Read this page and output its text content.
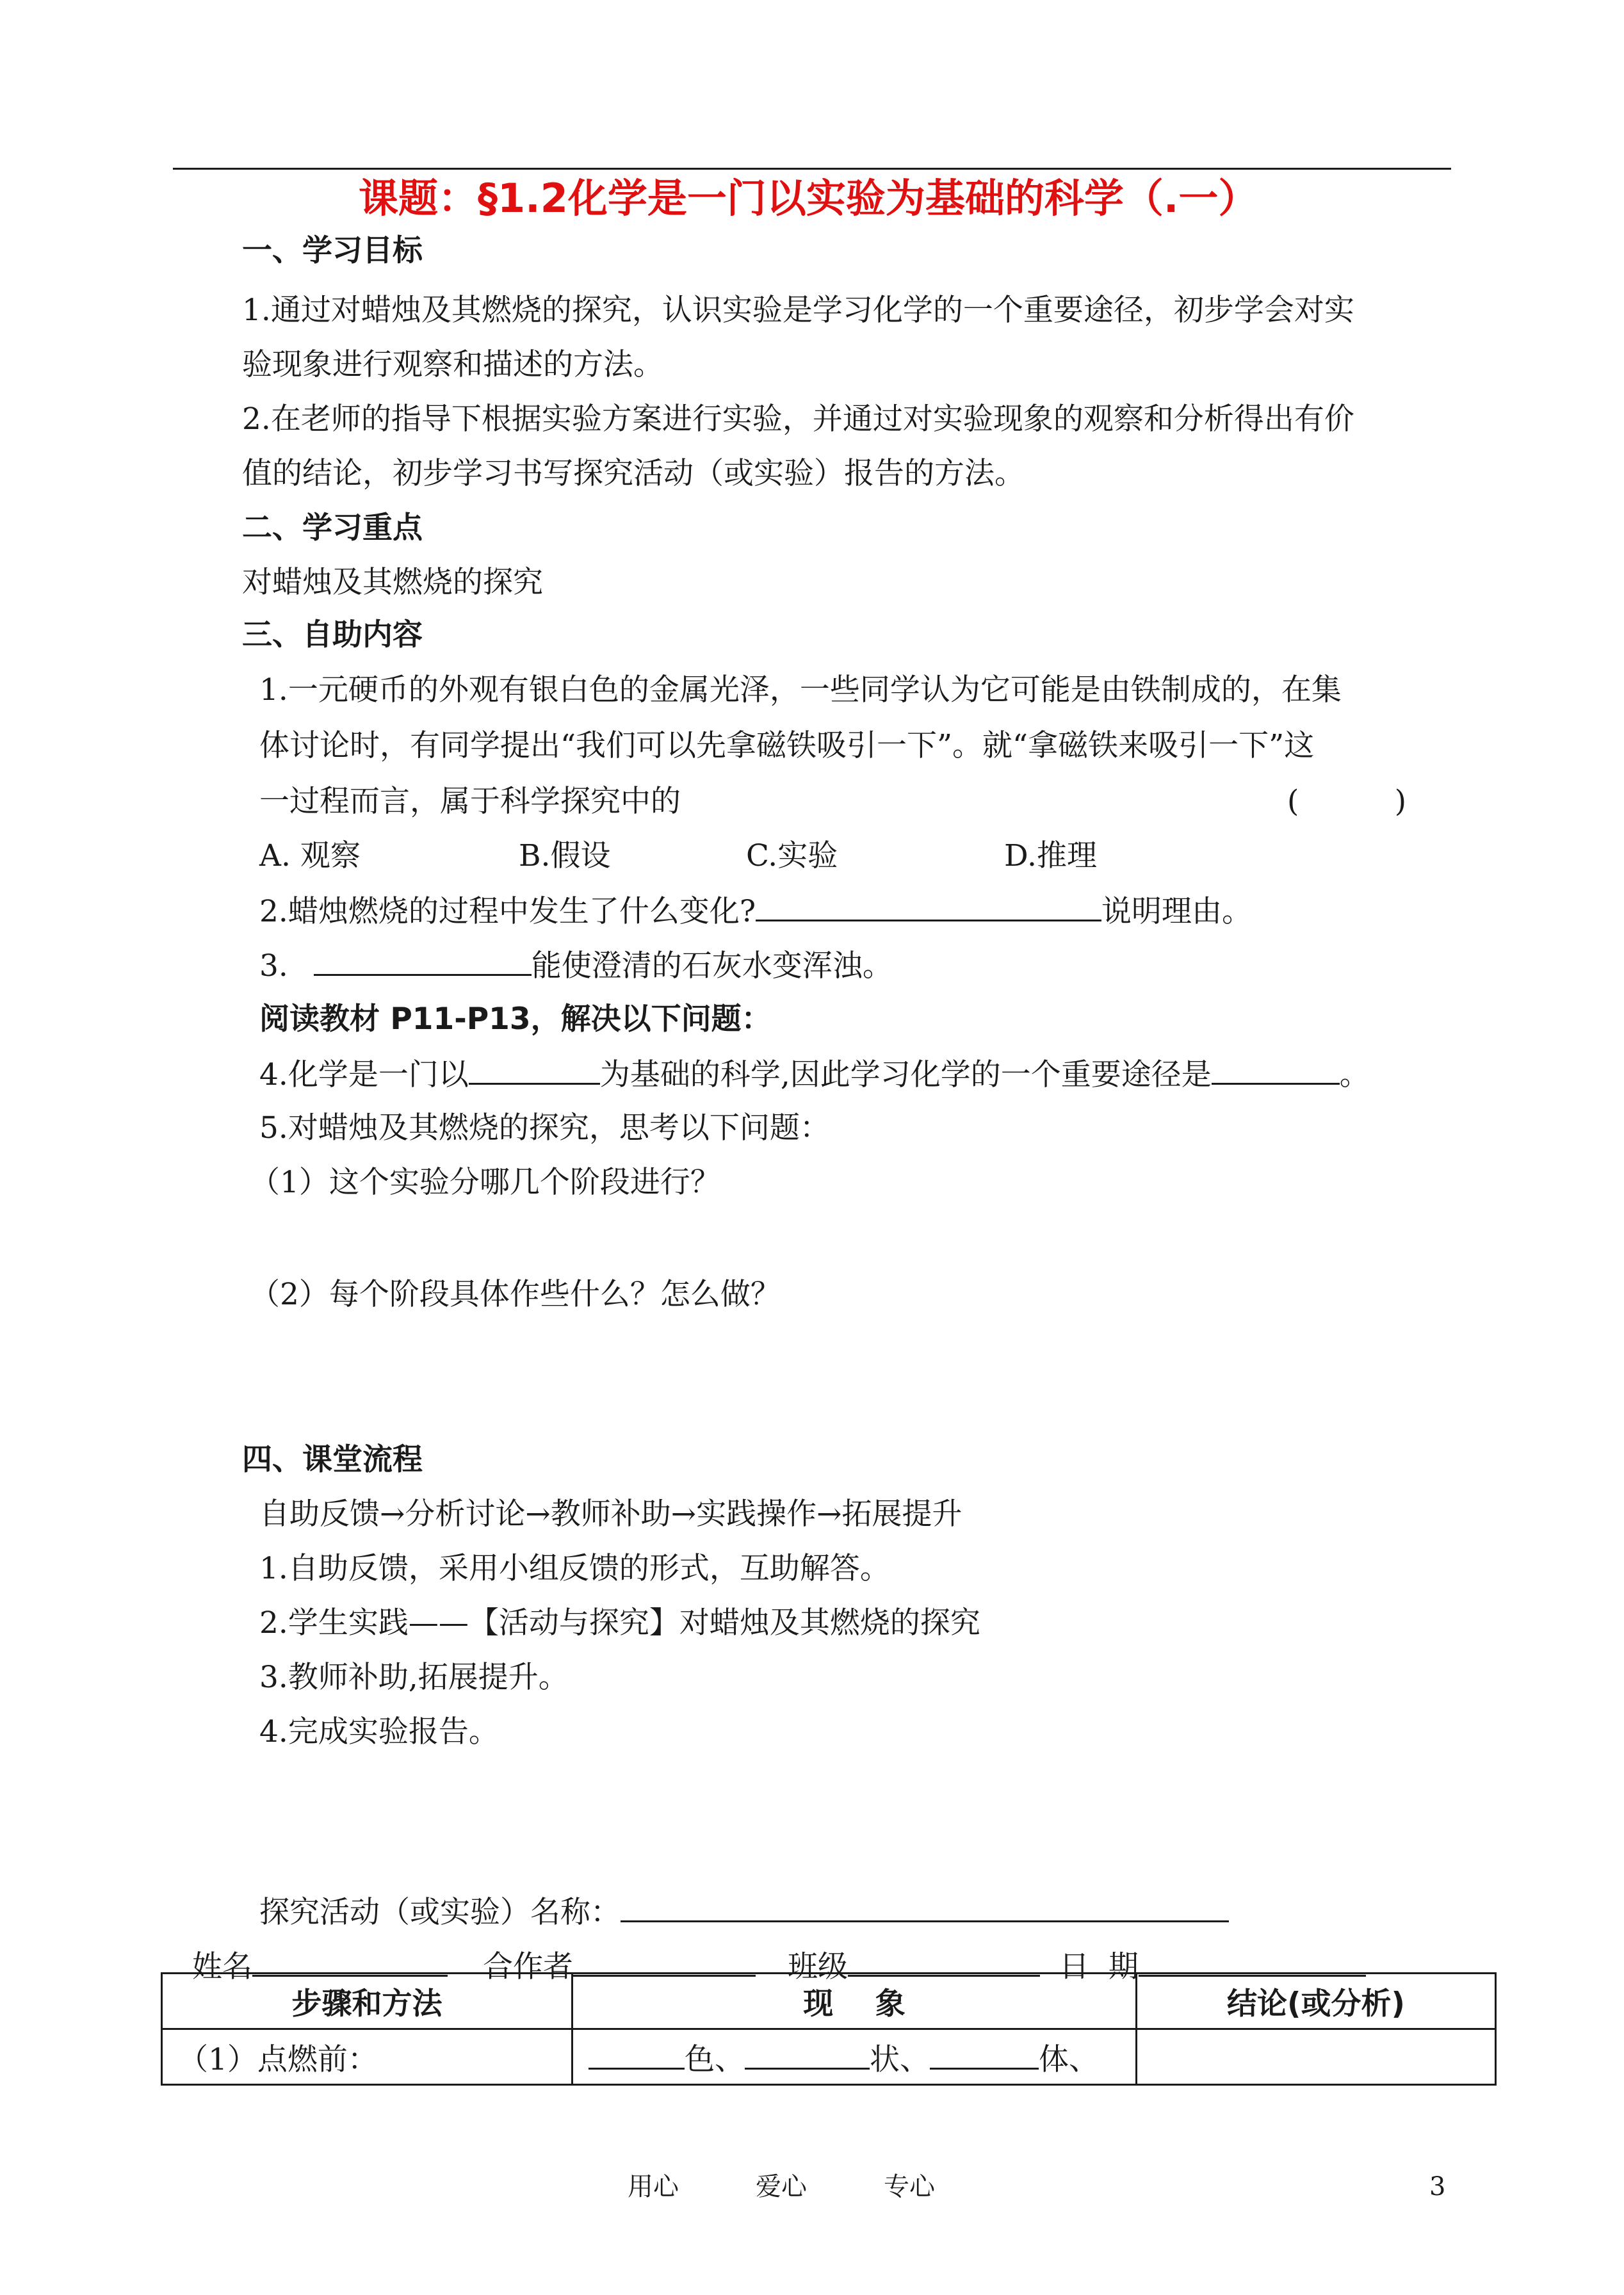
课题：§1.2化学是一门以实验为基础的科学（.一）
一、学习目标
1.通过对蜡烛及其燃烧的探究，认识实验是学习化学的一个重要途径，初步学会对实
验现象进行观察和描述的方法。
2.在老师的指导下根据实验方案进行实验，并通过对实验现象的观察和分析得出有价
值的结论，初步学习书写探究活动（或实验）报告的方法。
二、学习重点
对蜡烛及其燃烧的探究
三、自助内容
1.一元硬币的外观有银白色的金属光泽，一些同学认为它可能是由铁制成的，在集
体讨论时，有同学提出“我们可以先拿磁铁吸引一下”。就“拿磁铁来吸引一下”这
一过程而言，属于科学探究中的	(          )
A. 观察	B.假设	C.实验	D.推理
2.蜡烛燃烧的过程中发生了什么变化?	说明理由。
3.	能使澄清的石灰水变浑浊。
阅读教材 P11-P13，解决以下问题：
4.化学是一门以	为基础的科学,因此学习化学的一个重要途径是	。
5.对蜡烛及其燃烧的探究，思考以下问题：
（1）这个实验分哪几个阶段进行？
（2）每个阶段具体作些什么？怎么做？
四、课堂流程
自助反馈→分析讨论→教师补助→实践操作→拓展提升
1.自助反馈，采用小组反馈的形式，互助解答。
2.学生实践——【活动与探究】对蜡烛及其燃烧的探究
3.教师补助,拓展提升。
4.完成实验报告。
探究活动（或实验）名称：
姓名	合作者	班级	日  期
步骤和方法	现    象	结论(或分析)
（1）点燃前：	色、 状、 体、	
用心	爱心	专心	3
